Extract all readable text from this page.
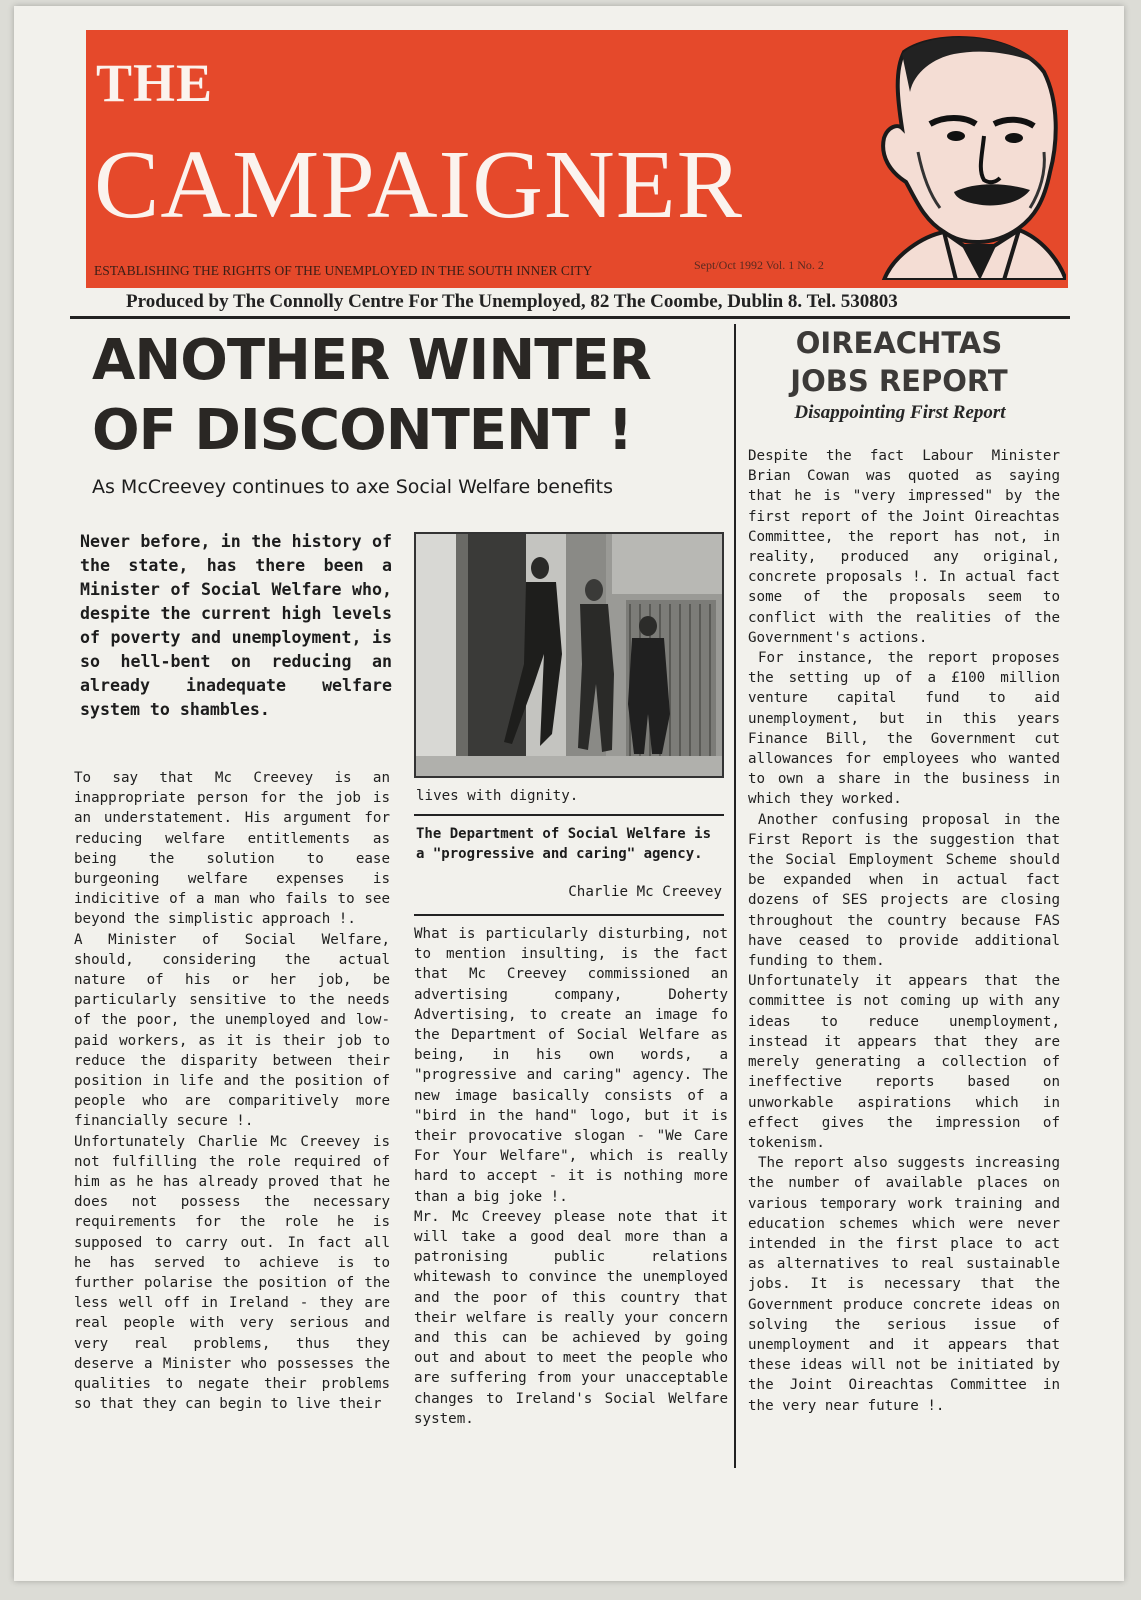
THE
CAMPAIGNER
ESTABLISHING THE RIGHTS OF THE UNEMPLOYED IN THE SOUTH INNER CITY	Sept/Oct 1992 Vol. 1 No. 2
Produced by The Connolly Centre For The Unemployed, 82 The Coombe, Dublin 8. Tel. 530803
ANOTHER WINTER
OF DISCONTENT !
As McCreevey continues to axe Social Welfare benefits
Never before, in the history of the state, has there been a Minister of Social Welfare who, despite the current high levels of poverty and unemployment, is so hell-bent on reducing an already inadequate welfare system to shambles.

To say that Mc Creevey is an inappropriate person for the job is an understatement. His argument for reducing welfare entitlements as being the solution to ease burgeoning welfare expenses is indicitive of a man who fails to see beyond the simplistic approach !.

A Minister of Social Welfare, should, considering the actual nature of his or her job, be particularly sensitive to the needs of the poor, the unemployed and low-paid workers, as it is their job to reduce the disparity between their position in life and the position of people who are comparitively more financially secure !.

Unfortunately Charlie Mc Creevey is not fulfilling the role required of him as he has already proved that he does not possess the necessary requirements for the role he is supposed to carry out. In fact all he has served to achieve is to further polarise the position of the less well off in Ireland - they are real people with very serious and very real problems, thus they deserve a Minister who possesses the qualities to negate their problems so that they can begin to live their

lives with dignity.
The Department of Social Welfare is a "progressive and caring" agency.
Charlie Mc Creevey

What is particularly disturbing, not to mention insulting, is the fact that Mc Creevey commissioned an advertising company, Doherty Advertising, to create an image fo the Department of Social Welfare as being, in his own words, a "progressive and caring" agency. The new image basically consists of a "bird in the hand" logo, but it is their provocative slogan - "We Care For Your Welfare", which is really hard to accept - it is nothing more than a big joke !.

Mr. Mc Creevey please note that it will take a good deal more than a patronising public relations whitewash to convince the unemployed and the poor of this country that their welfare is really your concern and this can be achieved by going out and about to meet the people who are suffering from your unacceptable changes to Ireland's Social Welfare system.

OIREACHTAS
JOBS REPORT
Disappointing First Report

Despite the fact Labour Minister Brian Cowan was quoted as saying that he is "very impressed" by the first report of the Joint Oireachtas Committee, the report has not, in reality, produced any original, concrete proposals !. In actual fact some of the proposals seem to conflict with the realities of the Government's actions.

For instance, the report proposes the setting up of a £100 million venture capital fund to aid unemployment, but in this years Finance Bill, the Government cut allowances for employees who wanted to own a share in the business in which they worked.

Another confusing proposal in the First Report is the suggestion that the Social Employment Scheme should be expanded when in actual fact dozens of SES projects are closing throughout the country because FAS have ceased to provide additional funding to them.

Unfortunately it appears that the committee is not coming up with any ideas to reduce unemployment, instead it appears that they are merely generating a collection of ineffective reports based on unworkable aspirations which in effect gives the impression of tokenism.

The report also suggests increasing the number of available places on various temporary work training and education schemes which were never intended in the first place to act as alternatives to real sustainable jobs. It is necessary that the Government produce concrete ideas on solving the serious issue of unemployment and it appears that these ideas will not be initiated by the Joint Oireachtas Committee in the very near future !.
